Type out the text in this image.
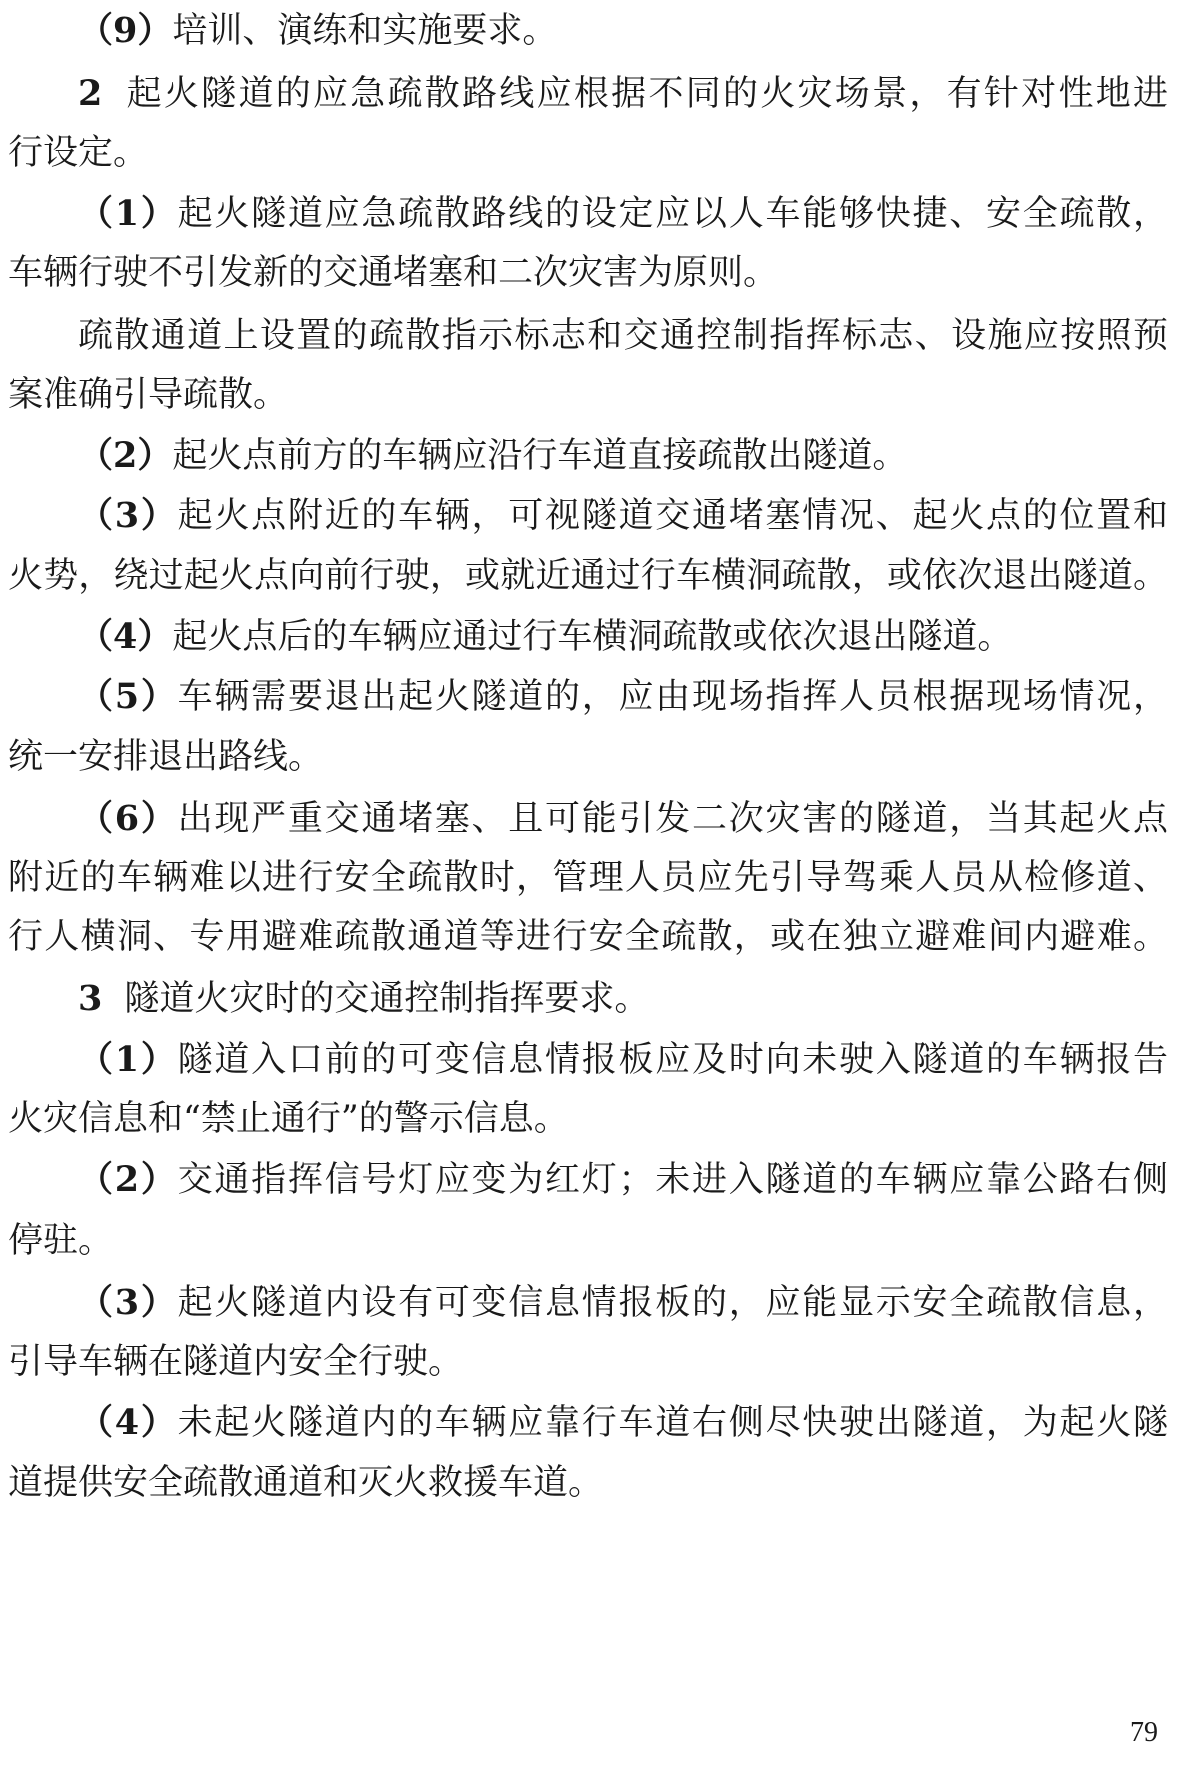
（9）培训、演练和实施要求。
2 起火隧道的应急疏散路线应根据不同的火灾场景，有针对性地进
行设定。
（1）起火隧道应急疏散路线的设定应以人车能够快捷、安全疏散，
车辆行驶不引发新的交通堵塞和二次灾害为原则。
疏散通道上设置的疏散指示标志和交通控制指挥标志、设施应按照预
案准确引导疏散。
（2）起火点前方的车辆应沿行车道直接疏散出隧道。
（3）起火点附近的车辆，可视隧道交通堵塞情况、起火点的位置和
火势，绕过起火点向前行驶，或就近通过行车横洞疏散，或依次退出隧道。
（4）起火点后的车辆应通过行车横洞疏散或依次退出隧道。
（5）车辆需要退出起火隧道的，应由现场指挥人员根据现场情况，
统一安排退出路线。
（6）出现严重交通堵塞、且可能引发二次灾害的隧道，当其起火点
附近的车辆难以进行安全疏散时，管理人员应先引导驾乘人员从检修道、
行人横洞、专用避难疏散通道等进行安全疏散，或在独立避难间内避难。
3 隧道火灾时的交通控制指挥要求。
（1）隧道入口前的可变信息情报板应及时向未驶入隧道的车辆报告
火灾信息和“禁止通行”的警示信息。
（2）交通指挥信号灯应变为红灯；未进入隧道的车辆应靠公路右侧
停驻。
（3）起火隧道内设有可变信息情报板的，应能显示安全疏散信息，
引导车辆在隧道内安全行驶。
（4）未起火隧道内的车辆应靠行车道右侧尽快驶出隧道，为起火隧
道提供安全疏散通道和灭火救援车道。
79
